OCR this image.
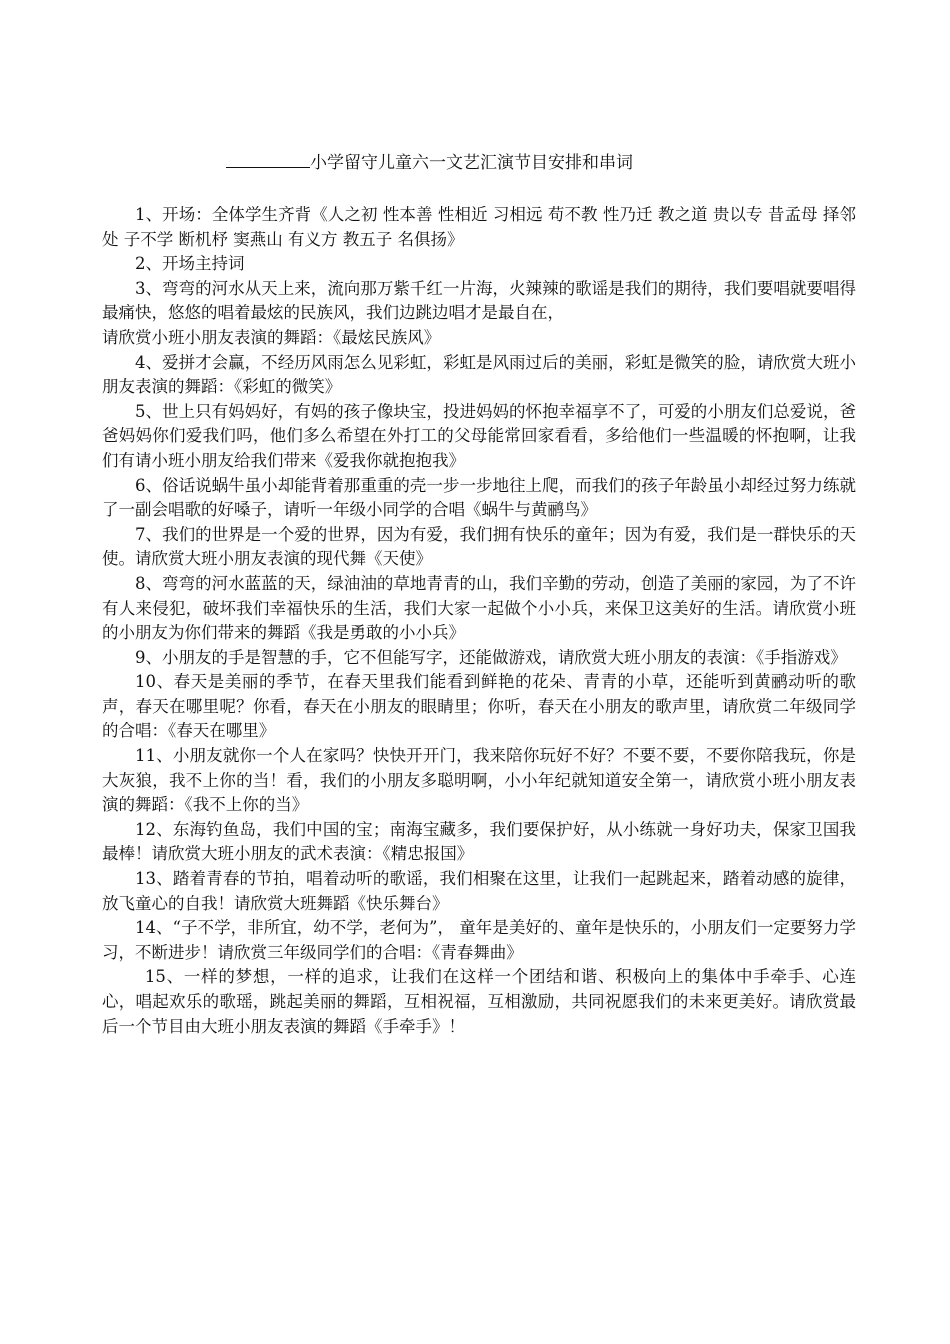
小学留守儿童六一文艺汇演节目安排和串词

1、开场：全体学生齐背《人之初 性本善 性相近 习相远 苟不教 性乃迁 教之道 贵以专 昔孟母 择邻处 子不学 断机杼 窦燕山 有义方 教五子 名俱扬》

2、开场主持词

3、弯弯的河水从天上来，流向那万紫千红一片海，火辣辣的歌谣是我们的期待，我们要唱就要唱得最痛快，悠悠的唱着最炫的民族风，我们边跳边唱才是最自在，

请欣赏小班小朋友表演的舞蹈：《最炫民族风》

4、爱拼才会赢，不经历风雨怎么见彩虹，彩虹是风雨过后的美丽，彩虹是微笑的脸，请欣赏大班小朋友表演的舞蹈：《彩虹的微笑》

5、世上只有妈妈好，有妈的孩子像块宝，投进妈妈的怀抱幸福享不了，可爱的小朋友们总爱说，爸爸妈妈你们爱我们吗，他们多么希望在外打工的父母能常回家看看，多给他们一些温暖的怀抱啊，让我们有请小班小朋友给我们带来《爱我你就抱抱我》

6、俗话说蜗牛虽小却能背着那重重的壳一步一步地往上爬，而我们的孩子年龄虽小却经过努力练就了一副会唱歌的好嗓子，请听一年级小同学的合唱《蜗牛与黄鹂鸟》

7、我们的世界是一个爱的世界，因为有爱，我们拥有快乐的童年；因为有爱，我们是一群快乐的天使。请欣赏大班小朋友表演的现代舞《天使》

8、弯弯的河水蓝蓝的天，绿油油的草地青青的山，我们辛勤的劳动，创造了美丽的家园，为了不许有人来侵犯，破坏我们幸福快乐的生活，我们大家一起做个小小兵，来保卫这美好的生活。请欣赏小班的小朋友为你们带来的舞蹈《我是勇敢的小小兵》

9、小朋友的手是智慧的手，它不但能写字，还能做游戏，请欣赏大班小朋友的表演：《手指游戏》

10、春天是美丽的季节，在春天里我们能看到鲜艳的花朵、青青的小草，还能听到黄鹂动听的歌声，春天在哪里呢？你看，春天在小朋友的眼睛里；你听，春天在小朋友的歌声里，请欣赏二年级同学的合唱：《春天在哪里》

11、小朋友就你一个人在家吗？快快开开门，我来陪你玩好不好？不要不要，不要你陪我玩，你是大灰狼，我不上你的当！看，我们的小朋友多聪明啊，小小年纪就知道安全第一，请欣赏小班小朋友表演的舞蹈：《我不上你的当》

12、东海钓鱼岛，我们中国的宝；南海宝藏多，我们要保护好，从小练就一身好功夫，保家卫国我最棒！请欣赏大班小朋友的武术表演：《精忠报国》

13、踏着青春的节拍，唱着动听的歌谣，我们相聚在这里，让我们一起跳起来，踏着动感的旋律，放飞童心的自我！请欣赏大班舞蹈《快乐舞台》

14、“子不学，非所宜，幼不学，老何为”， 童年是美好的、童年是快乐的，小朋友们一定要努力学习，不断进步！请欣赏三年级同学们的合唱：《青春舞曲》

15、一样的梦想，一样的追求，让我们在这样一个团结和谐、积极向上的集体中手牵手、心连心，唱起欢乐的歌瑶，跳起美丽的舞蹈，互相祝福，互相激励，共同祝愿我们的未来更美好。请欣赏最后一个节目由大班小朋友表演的舞蹈《手牵手》！
